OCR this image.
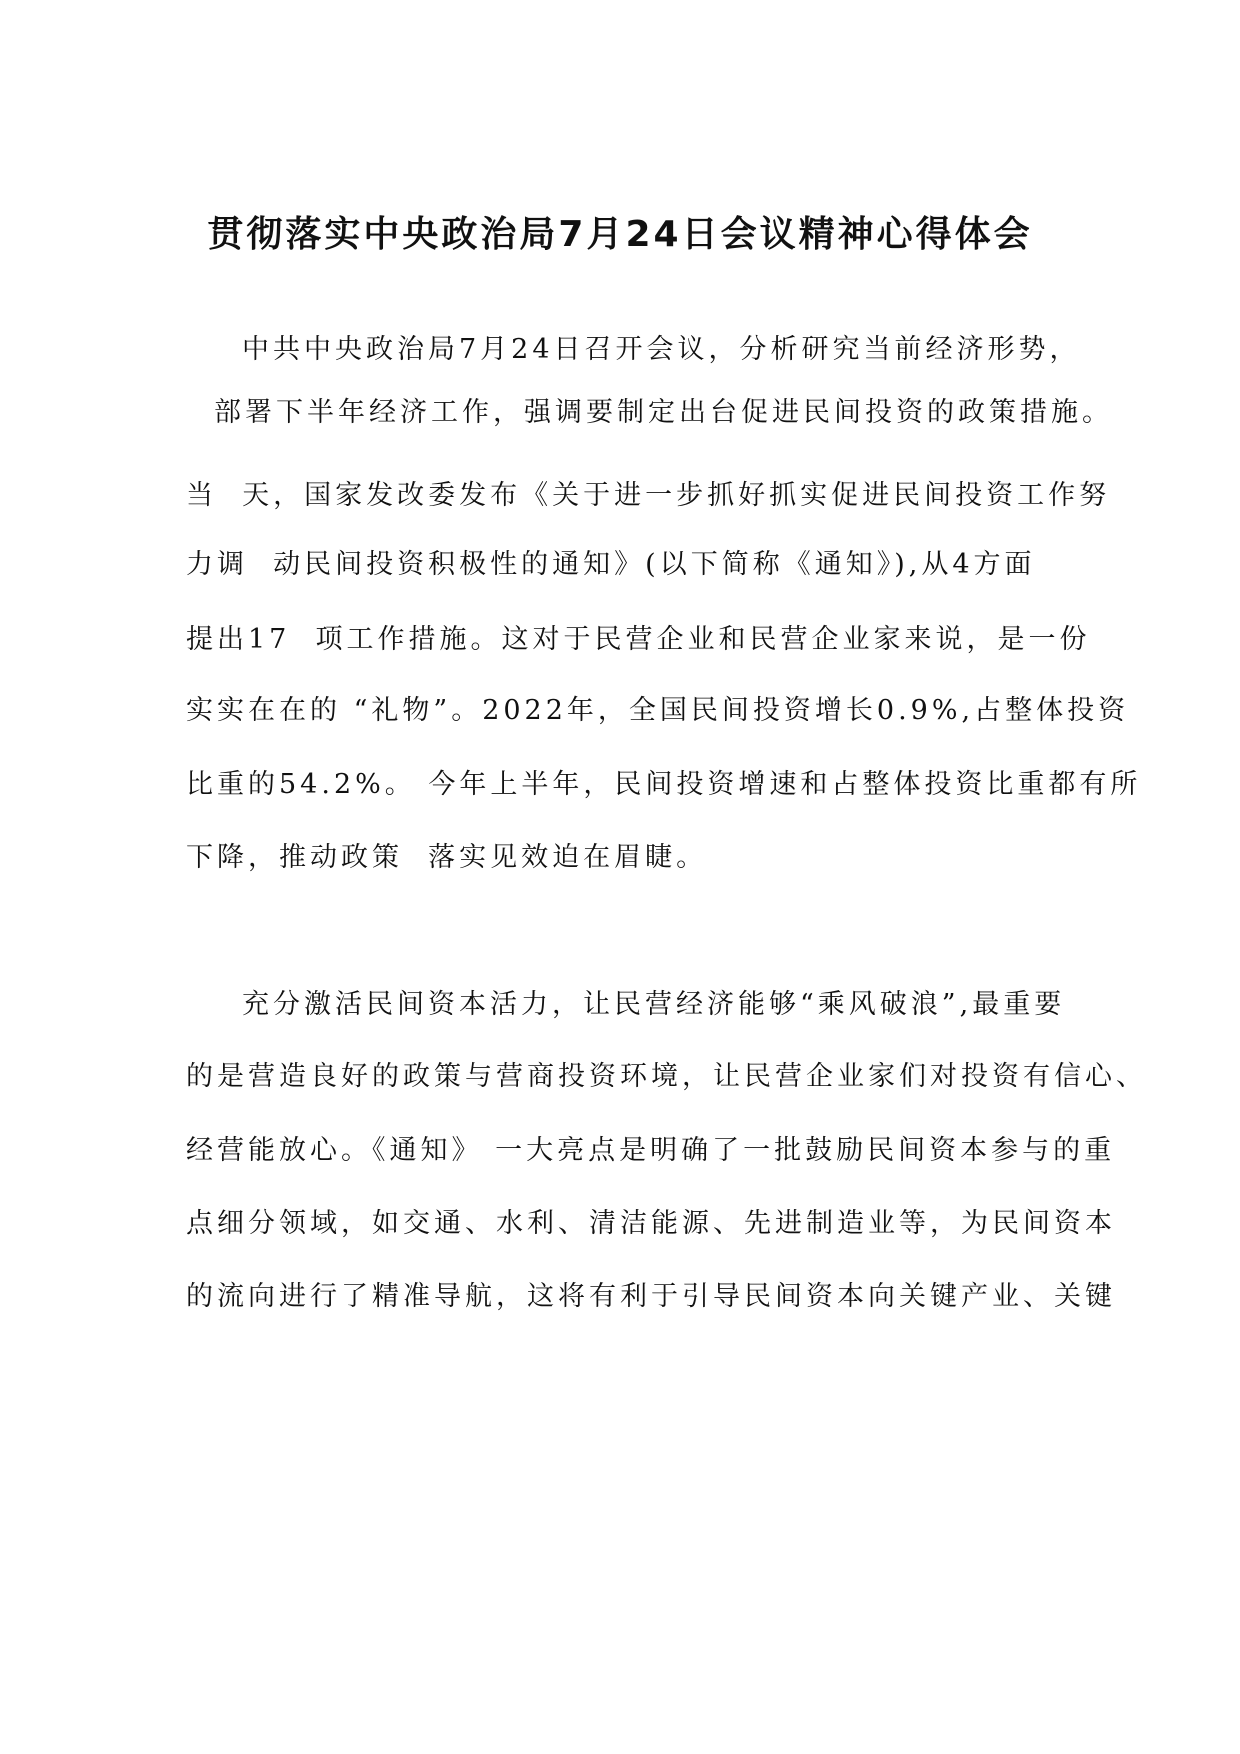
贯彻落实中央政治局7月24日会议精神心得体会
中共中央政治局7月24日召开会议，分析研究当前经济形势，
部署下半年经济工作，强调要制定出台促进民间投资的政策措施。
当  天，国家发改委发布《关于进一步抓好抓实促进民间投资工作努
力调  动民间投资积极性的通知》(以下简称《通知》),从4方面
提出17  项工作措施。这对于民营企业和民营企业家来说，是一份
实实在在的 “礼物”。2022年，全国民间投资增长0.9%,占整体投资
比重的54.2%。 今年上半年，民间投资增速和占整体投资比重都有所
下降，推动政策  落实见效迫在眉睫。
充分激活民间资本活力，让民营经济能够“乘风破浪”,最重要
的是营造良好的政策与营商投资环境，让民营企业家们对投资有信心、
经营能放心。《通知》 一大亮点是明确了一批鼓励民间资本参与的重
点细分领域，如交通、水利、清洁能源、先进制造业等，为民间资本
的流向进行了精准导航，这将有利于引导民间资本向关键产业、关键
